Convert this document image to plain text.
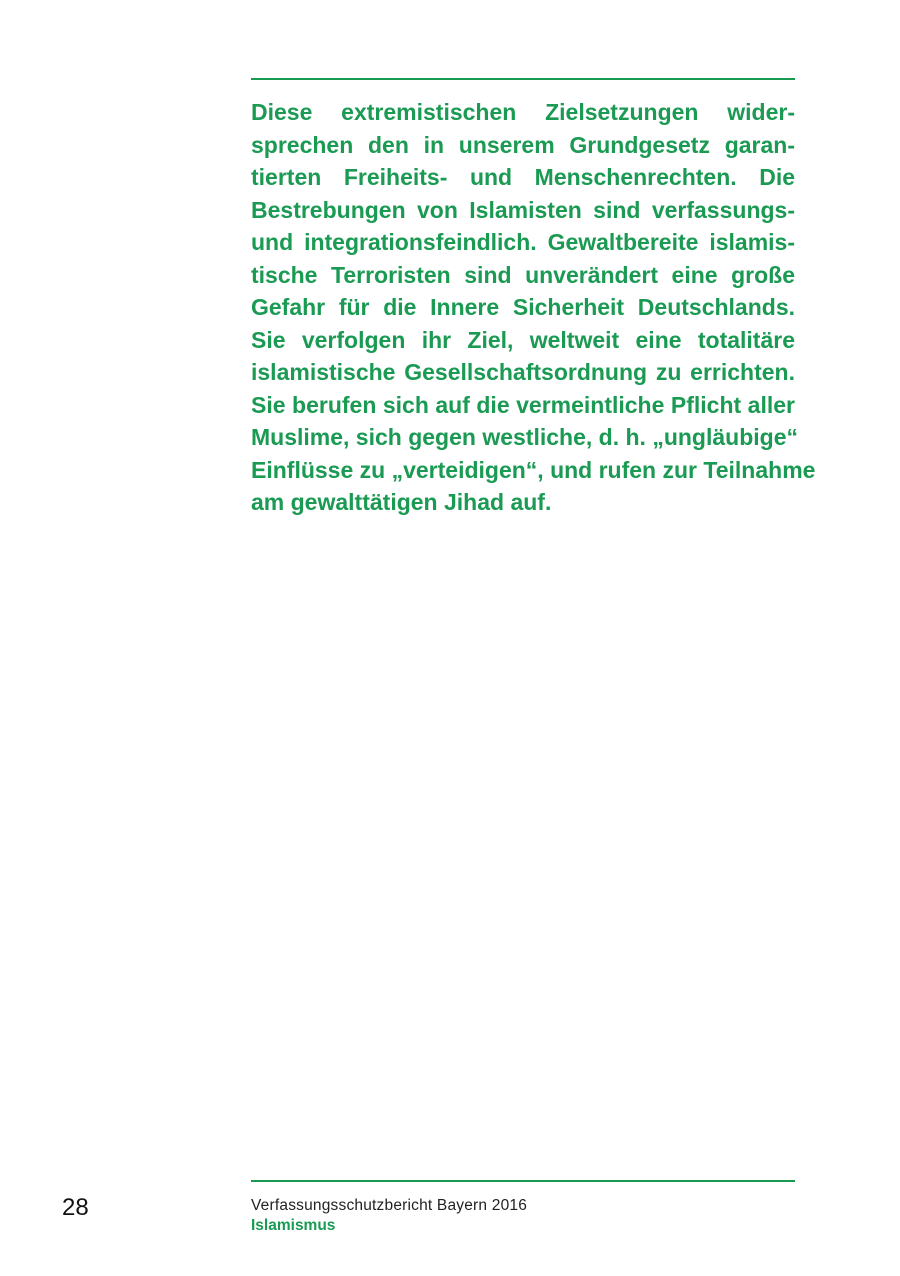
Diese extremistischen Zielsetzungen wider-
sprechen den in unserem Grundgesetz garan-
tierten Freiheits- und Menschenrechten. Die
Bestrebungen von Islamisten sind verfassungs-
und integrationsfeindlich. Gewaltbereite islamis-
tische Terroristen sind unverändert eine große
Gefahr für die Innere Sicherheit Deutschlands.
Sie verfolgen ihr Ziel, weltweit eine totalitäre
islamistische Gesellschaftsordnung zu errichten.
Sie berufen sich auf die vermeintliche Pflicht aller
Muslime, sich gegen westliche, d. h. „ungläubige“
Einflüsse zu „verteidigen“, und rufen zur Teilnahme
am gewalttätigen Jihad auf.
28	Verfassungsschutzbericht Bayern 2016
Islamismus
